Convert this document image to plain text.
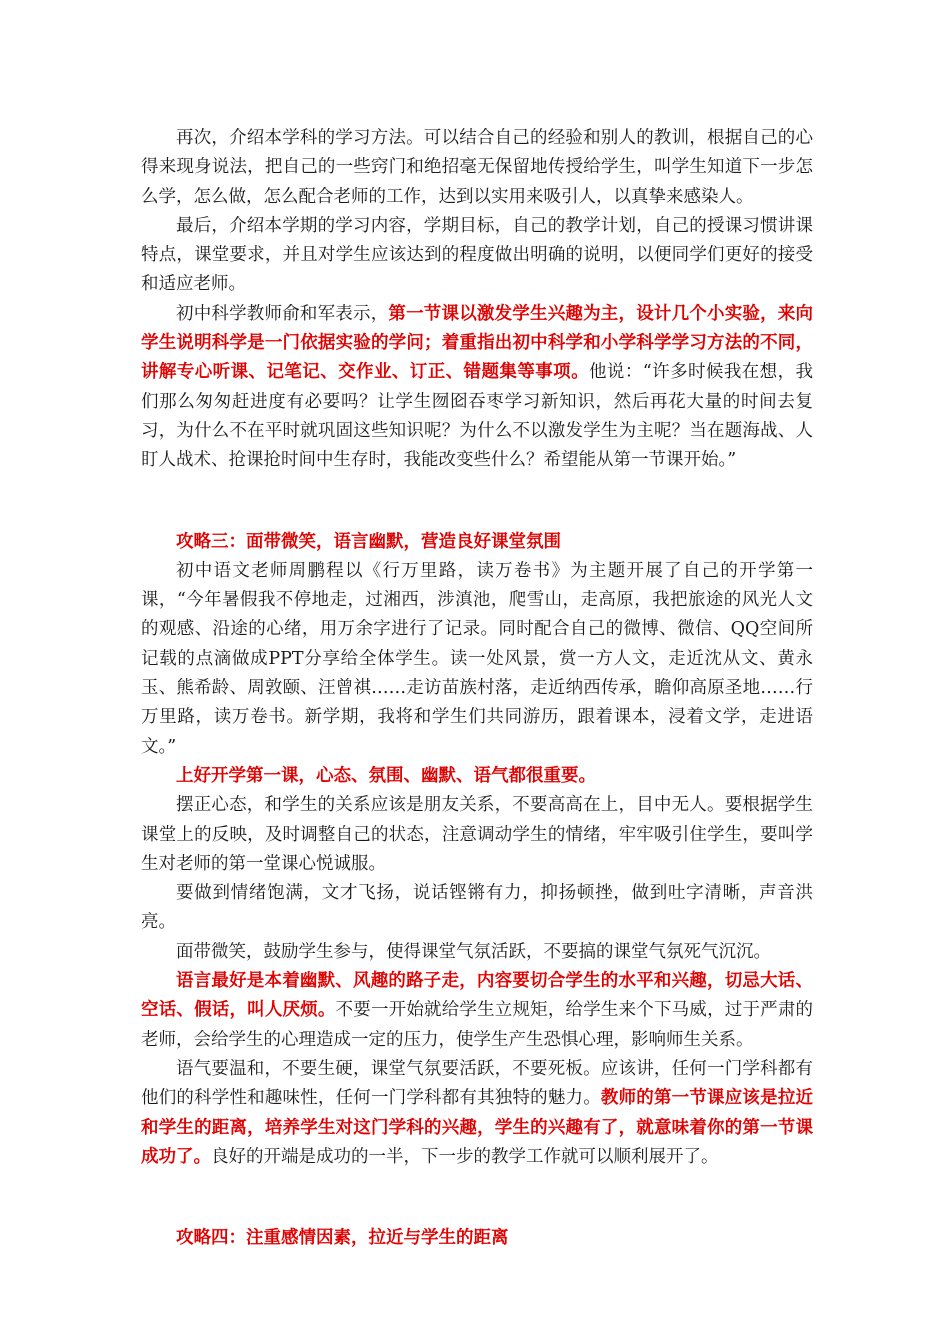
再次，介绍本学科的学习方法。可以结合自己的经验和别人的教训，根据自己的心得来现身说法，把自己的一些窍门和绝招毫无保留地传授给学生，叫学生知道下一步怎么学，怎么做，怎么配合老师的工作，达到以实用来吸引人，以真挚来感染人。

最后，介绍本学期的学习内容，学期目标，自己的教学计划，自己的授课习惯讲课特点，课堂要求，并且对学生应该达到的程度做出明确的说明，以便同学们更好的接受和适应老师。

初中科学教师俞和军表示，第一节课以激发学生兴趣为主，设计几个小实验，来向学生说明科学是一门依据实验的学问；着重指出初中科学和小学科学学习方法的不同，讲解专心听课、记笔记、交作业、订正、错题集等事项。他说：“许多时候我在想，我们那么匆匆赶进度有必要吗？让学生囫囵吞枣学习新知识，然后再花大量的时间去复习，为什么不在平时就巩固这些知识呢？为什么不以激发学生为主呢？当在题海战、人盯人战术、抢课抢时间中生存时，我能改变些什么？希望能从第一节课开始。”

攻略三：面带微笑，语言幽默，营造良好课堂氛围

初中语文老师周鹏程以《行万里路，读万卷书》为主题开展了自己的开学第一课，“今年暑假我不停地走，过湘西，涉滇池，爬雪山，走高原，我把旅途的风光人文的观感、沿途的心绪，用万余字进行了记录。同时配合自己的微博、微信、QQ空间所记载的点滴做成PPT分享给全体学生。读一处风景，赏一方人文，走近沈从文、黄永玉、熊希龄、周敦颐、汪曾祺……走访苗族村落，走近纳西传承，瞻仰高原圣地……行万里路，读万卷书。新学期，我将和学生们共同游历，跟着课本，浸着文学，走进语文。”

上好开学第一课，心态、氛围、幽默、语气都很重要。

摆正心态，和学生的关系应该是朋友关系，不要高高在上，目中无人。要根据学生课堂上的反映，及时调整自己的状态，注意调动学生的情绪，牢牢吸引住学生，要叫学生对老师的第一堂课心悦诚服。

要做到情绪饱满，文才飞扬，说话铿锵有力，抑扬顿挫，做到吐字清晰，声音洪亮。

面带微笑，鼓励学生参与，使得课堂气氛活跃，不要搞的课堂气氛死气沉沉。

语言最好是本着幽默、风趣的路子走，内容要切合学生的水平和兴趣，切忌大话、空话、假话，叫人厌烦。不要一开始就给学生立规矩，给学生来个下马威，过于严肃的老师，会给学生的心理造成一定的压力，使学生产生恐惧心理，影响师生关系。

语气要温和，不要生硬，课堂气氛要活跃，不要死板。应该讲，任何一门学科都有他们的科学性和趣味性，任何一门学科都有其独特的魅力。教师的第一节课应该是拉近和学生的距离，培养学生对这门学科的兴趣，学生的兴趣有了，就意味着你的第一节课成功了。良好的开端是成功的一半，下一步的教学工作就可以顺利展开了。

攻略四：注重感情因素，拉近与学生的距离
